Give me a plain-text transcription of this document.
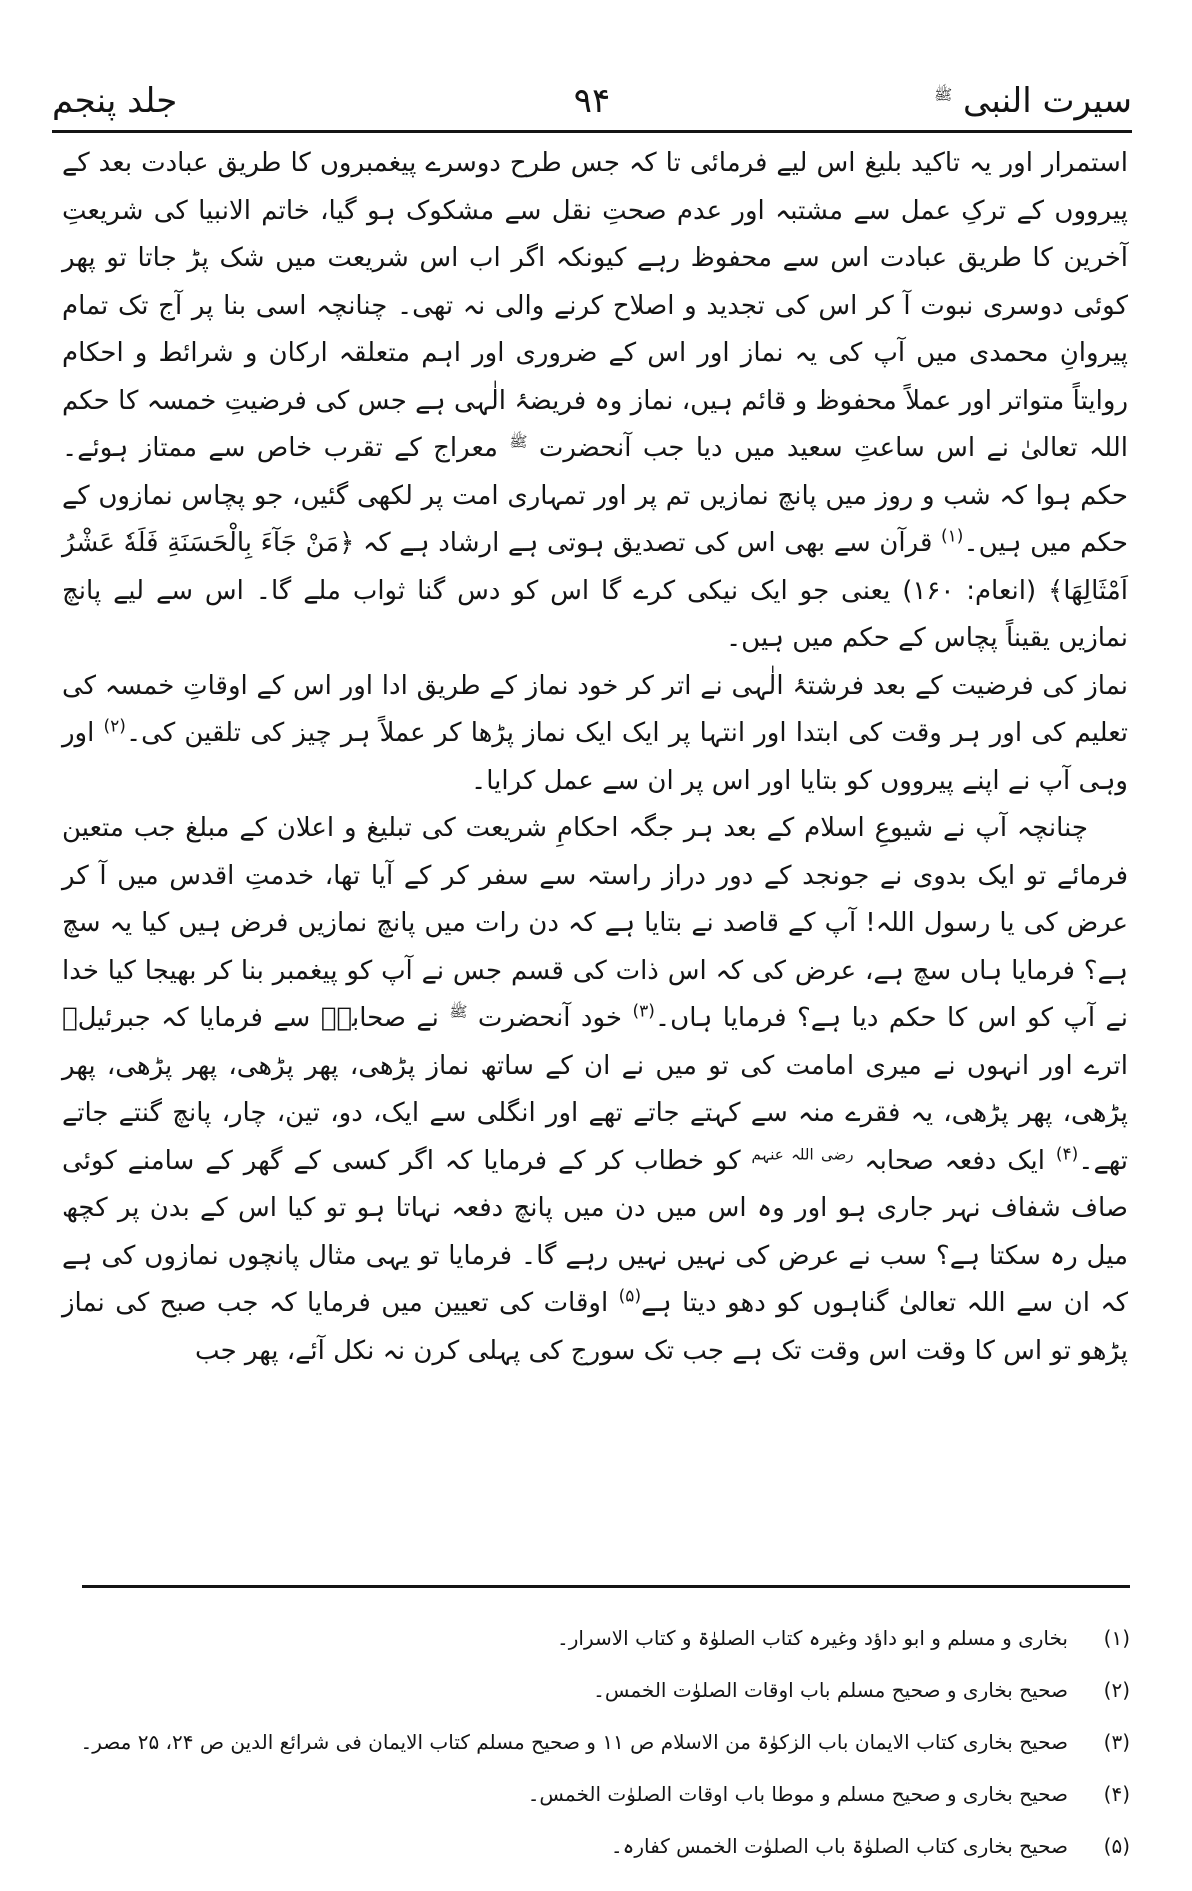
سیرت النبی $^ﷺ$
۹۴
جلد پنجم

استمرار اور یہ تاکید بلیغ اس لیے فرمائی تا کہ جس طرح دوسرے پیغمبروں کا طریق عبادت بعد کے پیرووں کے ترکِ عمل سے مشتبہ اور عدم صحتِ نقل سے مشکوک ہو گیا، خاتم الانبیا کی شریعتِ آخرین کا طریق عبادت اس سے محفوظ رہے کیونکہ اگر اب اس شریعت میں شک پڑ جاتا تو پھر کوئی دوسری نبوت آ کر اس کی تجدید و اصلاح کرنے والی نہ تھی۔ چنانچہ اسی بنا پر آج تک تمام پیروانِ محمدی میں آپ کی یہ نماز اور اس کے ضروری اور اہم متعلقہ ارکان و شرائط و احکام روایتاً متواتر اور عملاً محفوظ و قائم ہیں، نماز وہ فریضۂ الٰہی ہے جس کی فرضیتِ خمسہ کا حکم اللہ تعالیٰ نے اس ساعتِ سعید میں دیا جب آنحضرت $^ﷺ$ معراج کے تقرب خاص سے ممتاز ہوئے۔ حکم ہوا کہ شب و روز میں پانچ نمازیں تم پر اور تمہاری امت پر لکھی گئیں، جو پچاس نمازوں کے حکم میں ہیں۔$^{(۱)}$ قرآن سے بھی اس کی تصدیق ہوتی ہے ارشاد ہے کہ ﴿مَنْ جَآءَ بِالْحَسَنَةِ فَلَهٗ عَشْرُ اَمْثَالِهَا﴾ (انعام: ۱۶۰) یعنی جو ایک نیکی کرے گا اس کو دس گنا ثواب ملے گا۔ اس سے لیے پانچ نمازیں یقیناً پچاس کے حکم میں ہیں۔

نماز کی فرضیت کے بعد فرشتۂ الٰہی نے اتر کر خود نماز کے طریق ادا اور اس کے اوقاتِ خمسہ کی تعلیم کی اور ہر وقت کی ابتدا اور انتہا پر ایک ایک نماز پڑھا کر عملاً ہر چیز کی تلقین کی۔$^{(۲)}$ اور وہی آپ نے اپنے پیرووں کو بتایا اور اس پر ان سے عمل کرایا۔

چنانچہ آپ نے شیوعِ اسلام کے بعد ہر جگہ احکامِ شریعت کی تبلیغ و اعلان کے مبلغ جب متعین فرمائے تو ایک بدوی نے جونجد کے دور دراز راستہ سے سفر کر کے آیا تھا، خدمتِ اقدس میں آ کر عرض کی یا رسول اللہ! آپ کے قاصد نے بتایا ہے کہ دن رات میں پانچ نمازیں فرض ہیں کیا یہ سچ ہے؟ فرمایا ہاں سچ ہے، عرض کی کہ اس ذات کی قسم جس نے آپ کو پیغمبر بنا کر بھیجا کیا خدا نے آپ کو اس کا حکم دیا ہے؟ فرمایا ہاں۔$^{(۳)}$ خود آنحضرت $^ﷺ$ نے صحابہؓ سے فرمایا کہ جبرئیلؑ اترے اور انہوں نے میری امامت کی تو میں نے ان کے ساتھ نماز پڑھی، پھر پڑھی، پھر پڑھی، پھر پڑھی، پھر پڑھی، یہ فقرے منہ سے کہتے جاتے تھے اور انگلی سے ایک، دو، تین، چار، پانچ گنتے جاتے تھے۔$^{(۴)}$ ایک دفعہ صحابہ $^{رضی اللہ عنہم}$ کو خطاب کر کے فرمایا کہ اگر کسی کے گھر کے سامنے کوئی صاف شفاف نہر جاری ہو اور وہ اس میں دن میں پانچ دفعہ نہاتا ہو تو کیا اس کے بدن پر کچھ میل رہ سکتا ہے؟ سب نے عرض کی نہیں نہیں رہے گا۔ فرمایا تو یہی مثال پانچوں نمازوں کی ہے کہ ان سے اللہ تعالیٰ گناہوں کو دھو دیتا ہے$^{(۵)}$ اوقات کی تعیین میں فرمایا کہ جب صبح کی نماز پڑھو تو اس کا وقت اس وقت تک ہے جب تک سورج کی پہلی کرن نہ نکل آئے، پھر جب

(۱)
بخاری و مسلم و ابو داؤد وغیرہ کتاب الصلوٰۃ و کتاب الاسرار۔
(۲)
صحیح بخاری و صحیح مسلم باب اوقات الصلوٰت الخمس۔
(۳)
صحیح بخاری کتاب الایمان باب الزکوٰۃ من الاسلام ص ۱۱ و صحیح مسلم کتاب الایمان فی شرائع الدین ص ۲۴، ۲۵ مصر۔
(۴)
صحیح بخاری و صحیح مسلم و موطا باب اوقات الصلوٰت الخمس۔
(۵)
صحیح بخاری کتاب الصلوٰۃ باب الصلوٰت الخمس کفارہ۔
